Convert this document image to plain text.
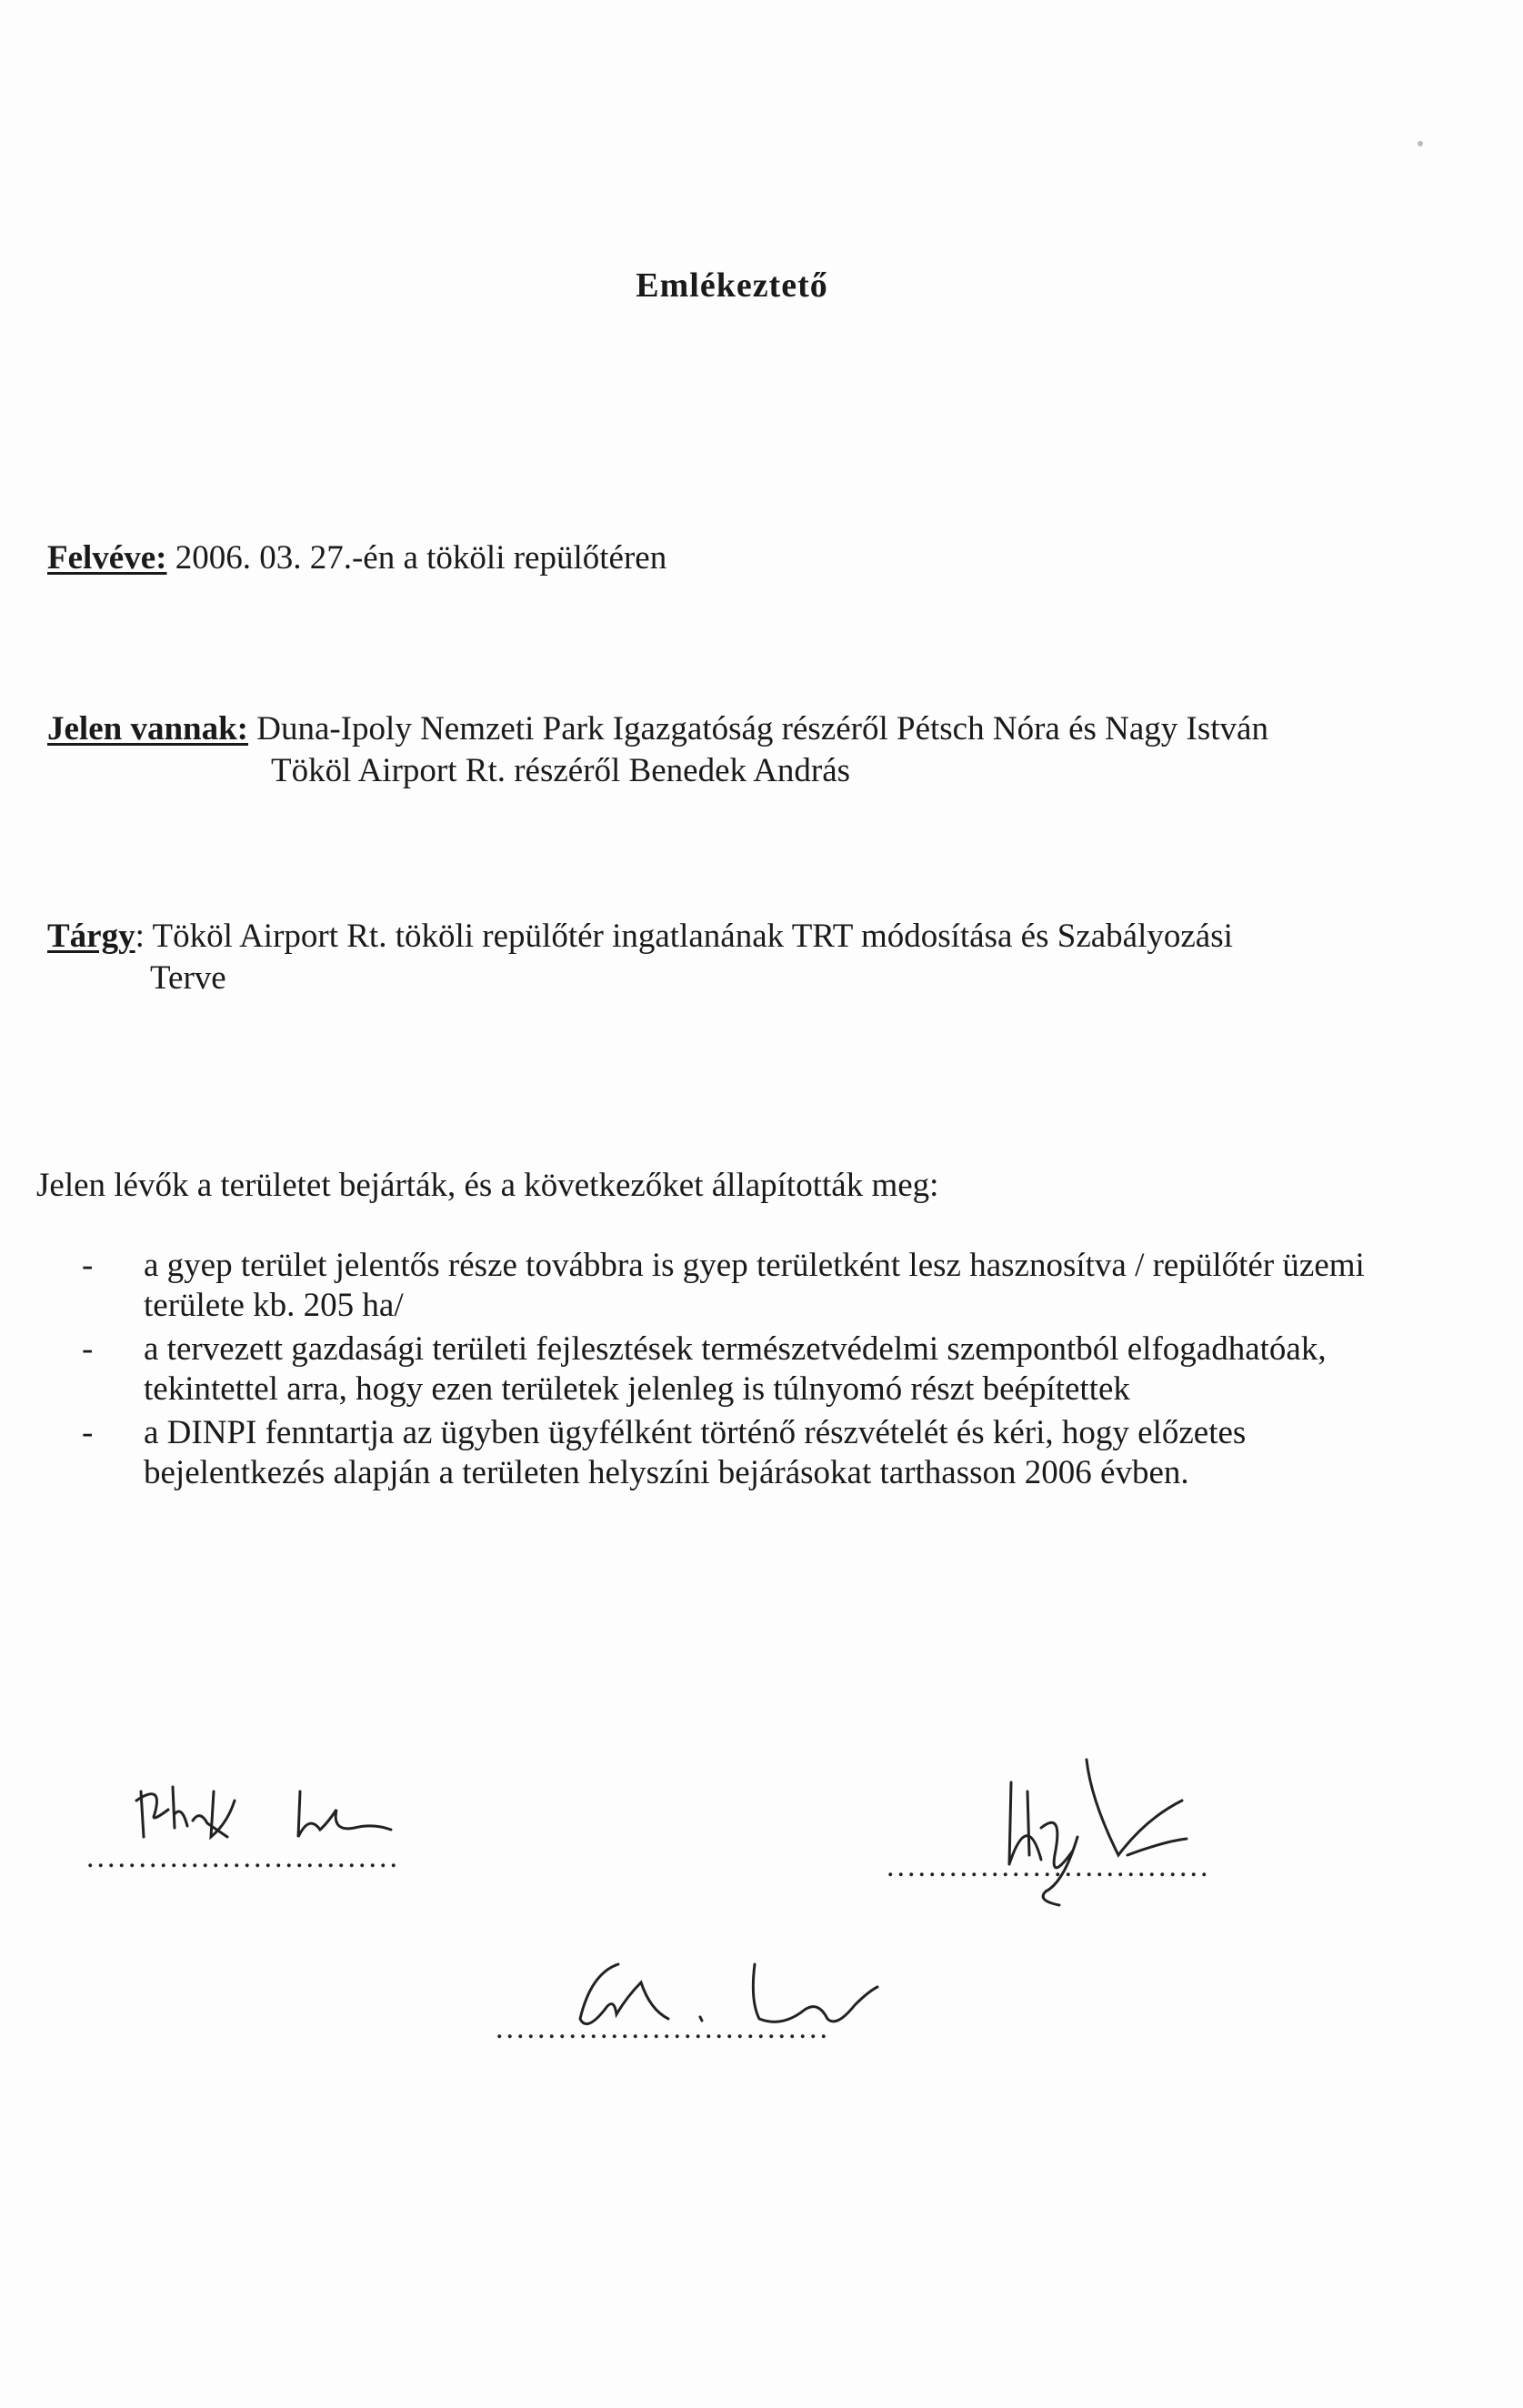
Emlékeztető
Felvéve: 2006. 03. 27.-én a tököli repülőtéren
Jelen vannak: Duna-Ipoly Nemzeti Park Igazgatóság részéről Pétsch Nóra és Nagy István
Tököl Airport Rt. részéről Benedek András
Tárgy: Tököl Airport Rt. tököli repülőtér ingatlanának TRT módosítása és Szabályozási
Terve
Jelen lévők a területet bejárták, és a következőket állapították meg:
- a gyep terület jelentős része továbbra is gyep területként lesz hasznosítva / repülőtér üzemi területe kb. 205 ha/
- a tervezett gazdasági területi fejlesztések természetvédelmi szempontból elfogadhatóak, tekintettel arra, hogy ezen területek jelenleg is túlnyomó részt beépítettek
- a DINPI fenntartja az ügyben ügyfélként történő részvételét és kéri, hogy előzetes bejelentkezés alapján a területen helyszíni bejárásokat tarthasson 2006 évben.
..............................	...............................
................................
